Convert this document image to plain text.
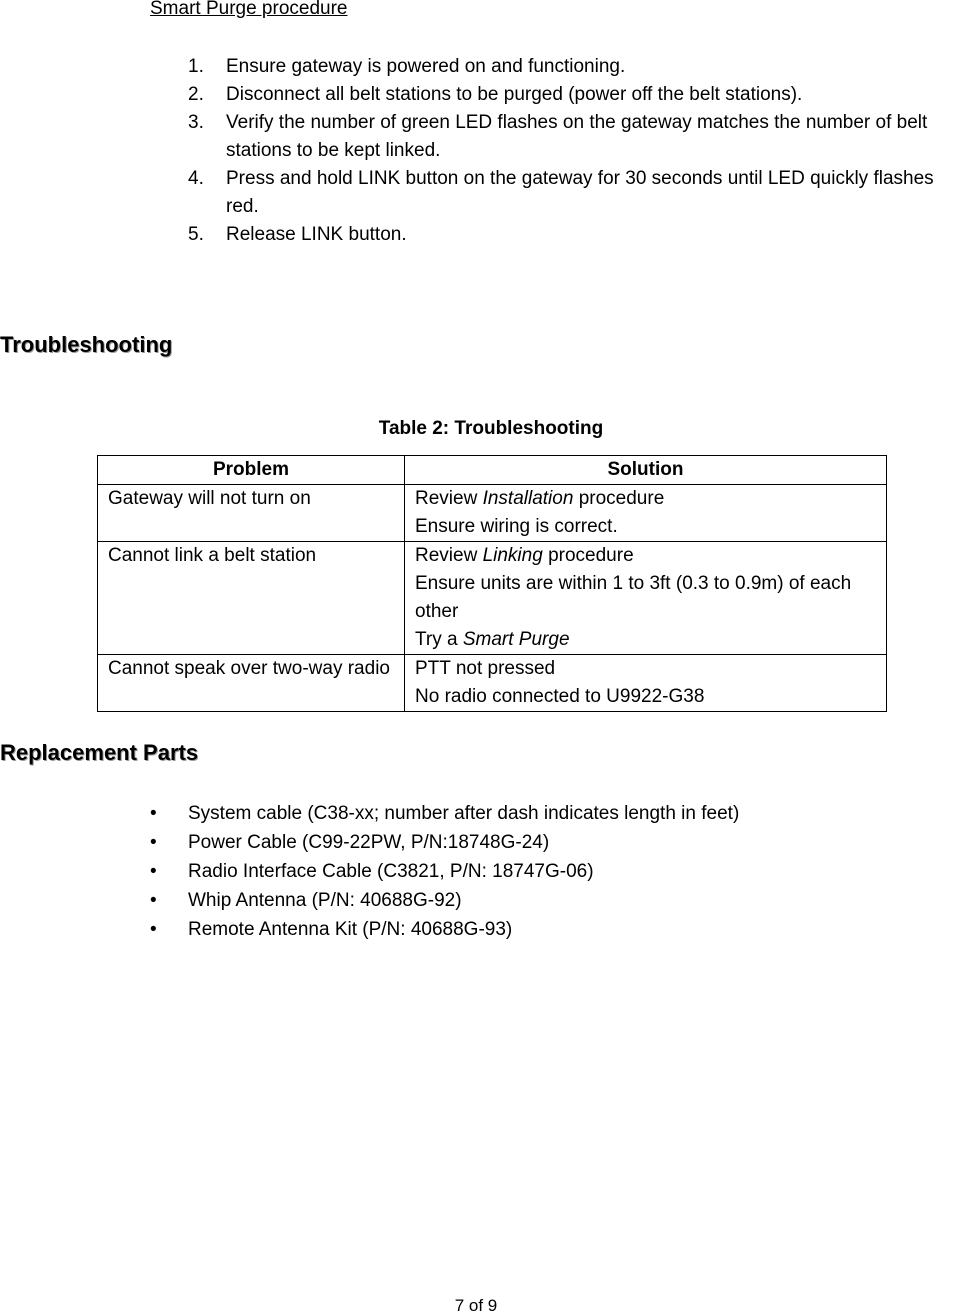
Smart Purge procedure
1. Ensure gateway is powered on and functioning.
2. Disconnect all belt stations to be purged (power off the belt stations).
3. Verify the number of green LED flashes on the gateway matches the number of belt stations to be kept linked.
4. Press and hold LINK button on the gateway for 30 seconds until LED quickly flashes red.
5. Release LINK button.
Troubleshooting
Table 2: Troubleshooting
Problem	Solution
Gateway will not turn on	Review Installation procedure
Ensure wiring is correct.

Cannot link a belt station	Review Linking procedure
Ensure units are within 1 to 3ft (0.3 to 0.9m) of each other
Try a Smart Purge

Cannot speak over two-way radio	PTT not pressed
No radio connected to U9922-G38
Replacement Parts
• System cable (C38-xx; number after dash indicates length in feet)
• Power Cable (C99-22PW, P/N:18748G-24)
• Radio Interface Cable (C3821, P/N: 18747G-06)
• Whip Antenna (P/N: 40688G-92)
• Remote Antenna Kit (P/N: 40688G-93)
7 of 9
